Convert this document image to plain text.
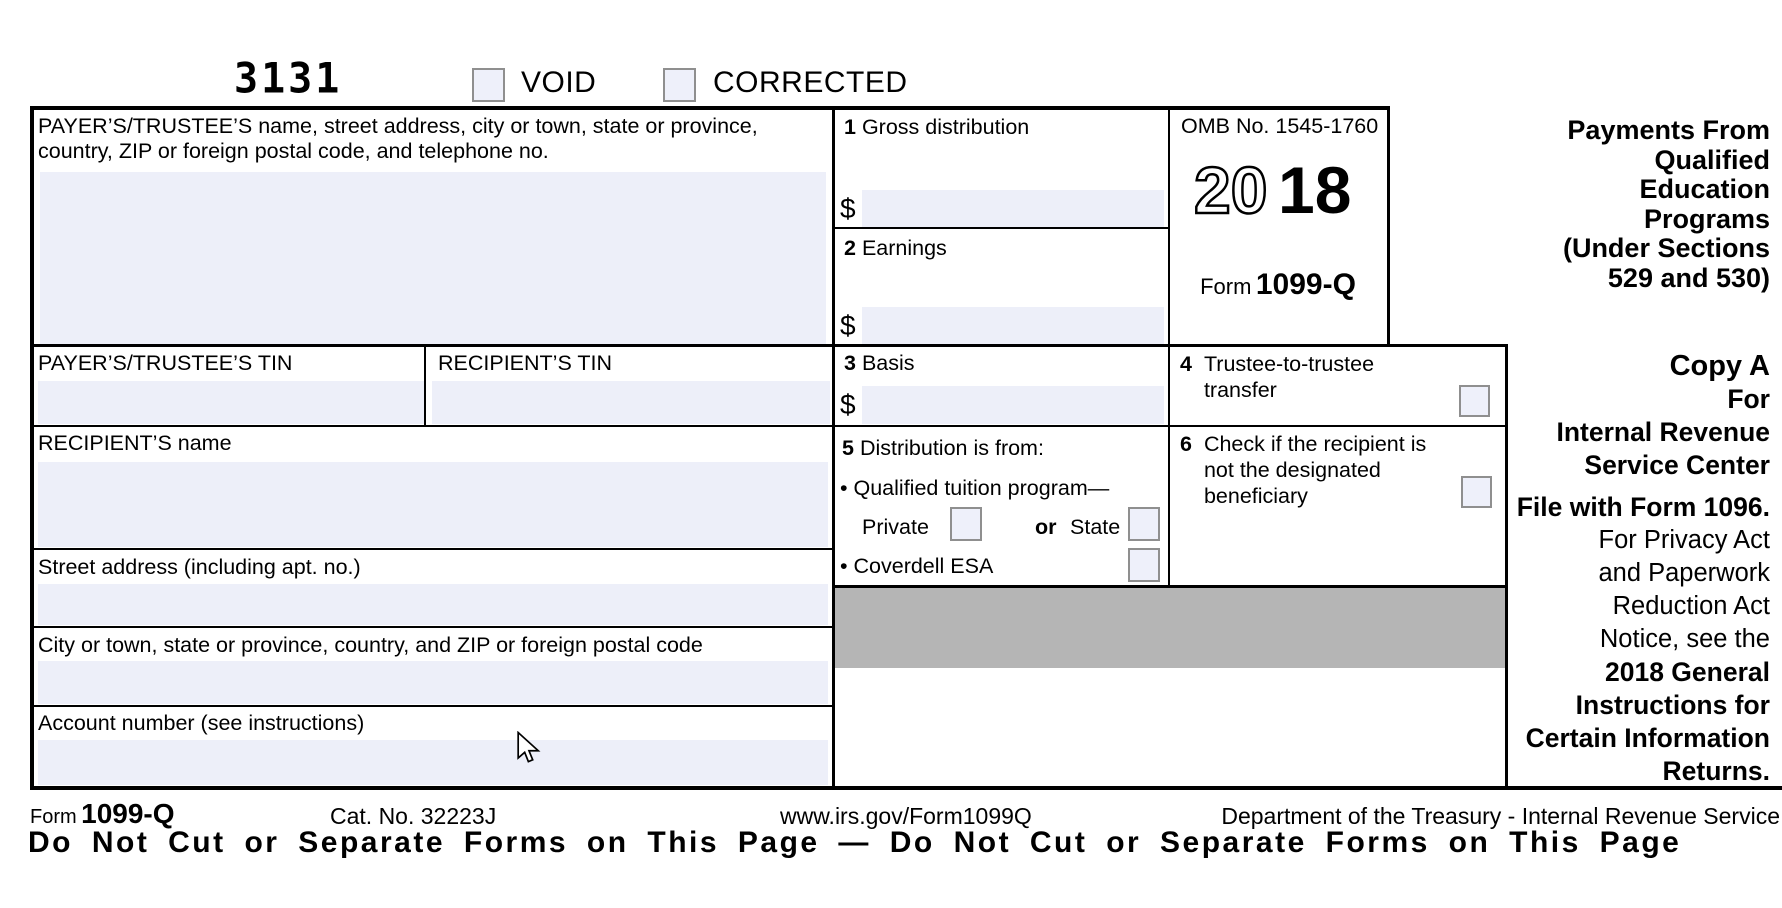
3131	VOID	CORRECTED
PAYER’S/TRUSTEE’S name, street address, city or town, state or province, country, ZIP or foreign postal code, and telephone no.
1 Gross distribution
$
2 Earnings
$
OMB No. 1545-1760
20 18
Form 1099-Q
Payments From
Qualified
Education
Programs
(Under Sections
529 and 530)
PAYER’S/TRUSTEE’S TIN	RECIPIENT’S TIN	3 Basis
$
4 Trustee-to-trustee transfer
RECIPIENT’S name	5 Distribution is from:
• Qualified tuition program—
Private	or State
• Coverdell ESA
6 Check if the recipient is not the designated beneficiary
Street address (including apt. no.)
City or town, state or province, country, and ZIP or foreign postal code
Account number (see instructions)
Copy A
For
Internal Revenue
Service Center
File with Form 1096.
For Privacy Act
and Paperwork
Reduction Act
Notice, see the
2018 General
Instructions for
Certain Information
Returns.
Form 1099-Q	Cat. No. 32223J	www.irs.gov/Form1099Q	Department of the Treasury - Internal Revenue Service
Do Not Cut or Separate Forms on This Page — Do Not Cut or Separate Forms on This Page
